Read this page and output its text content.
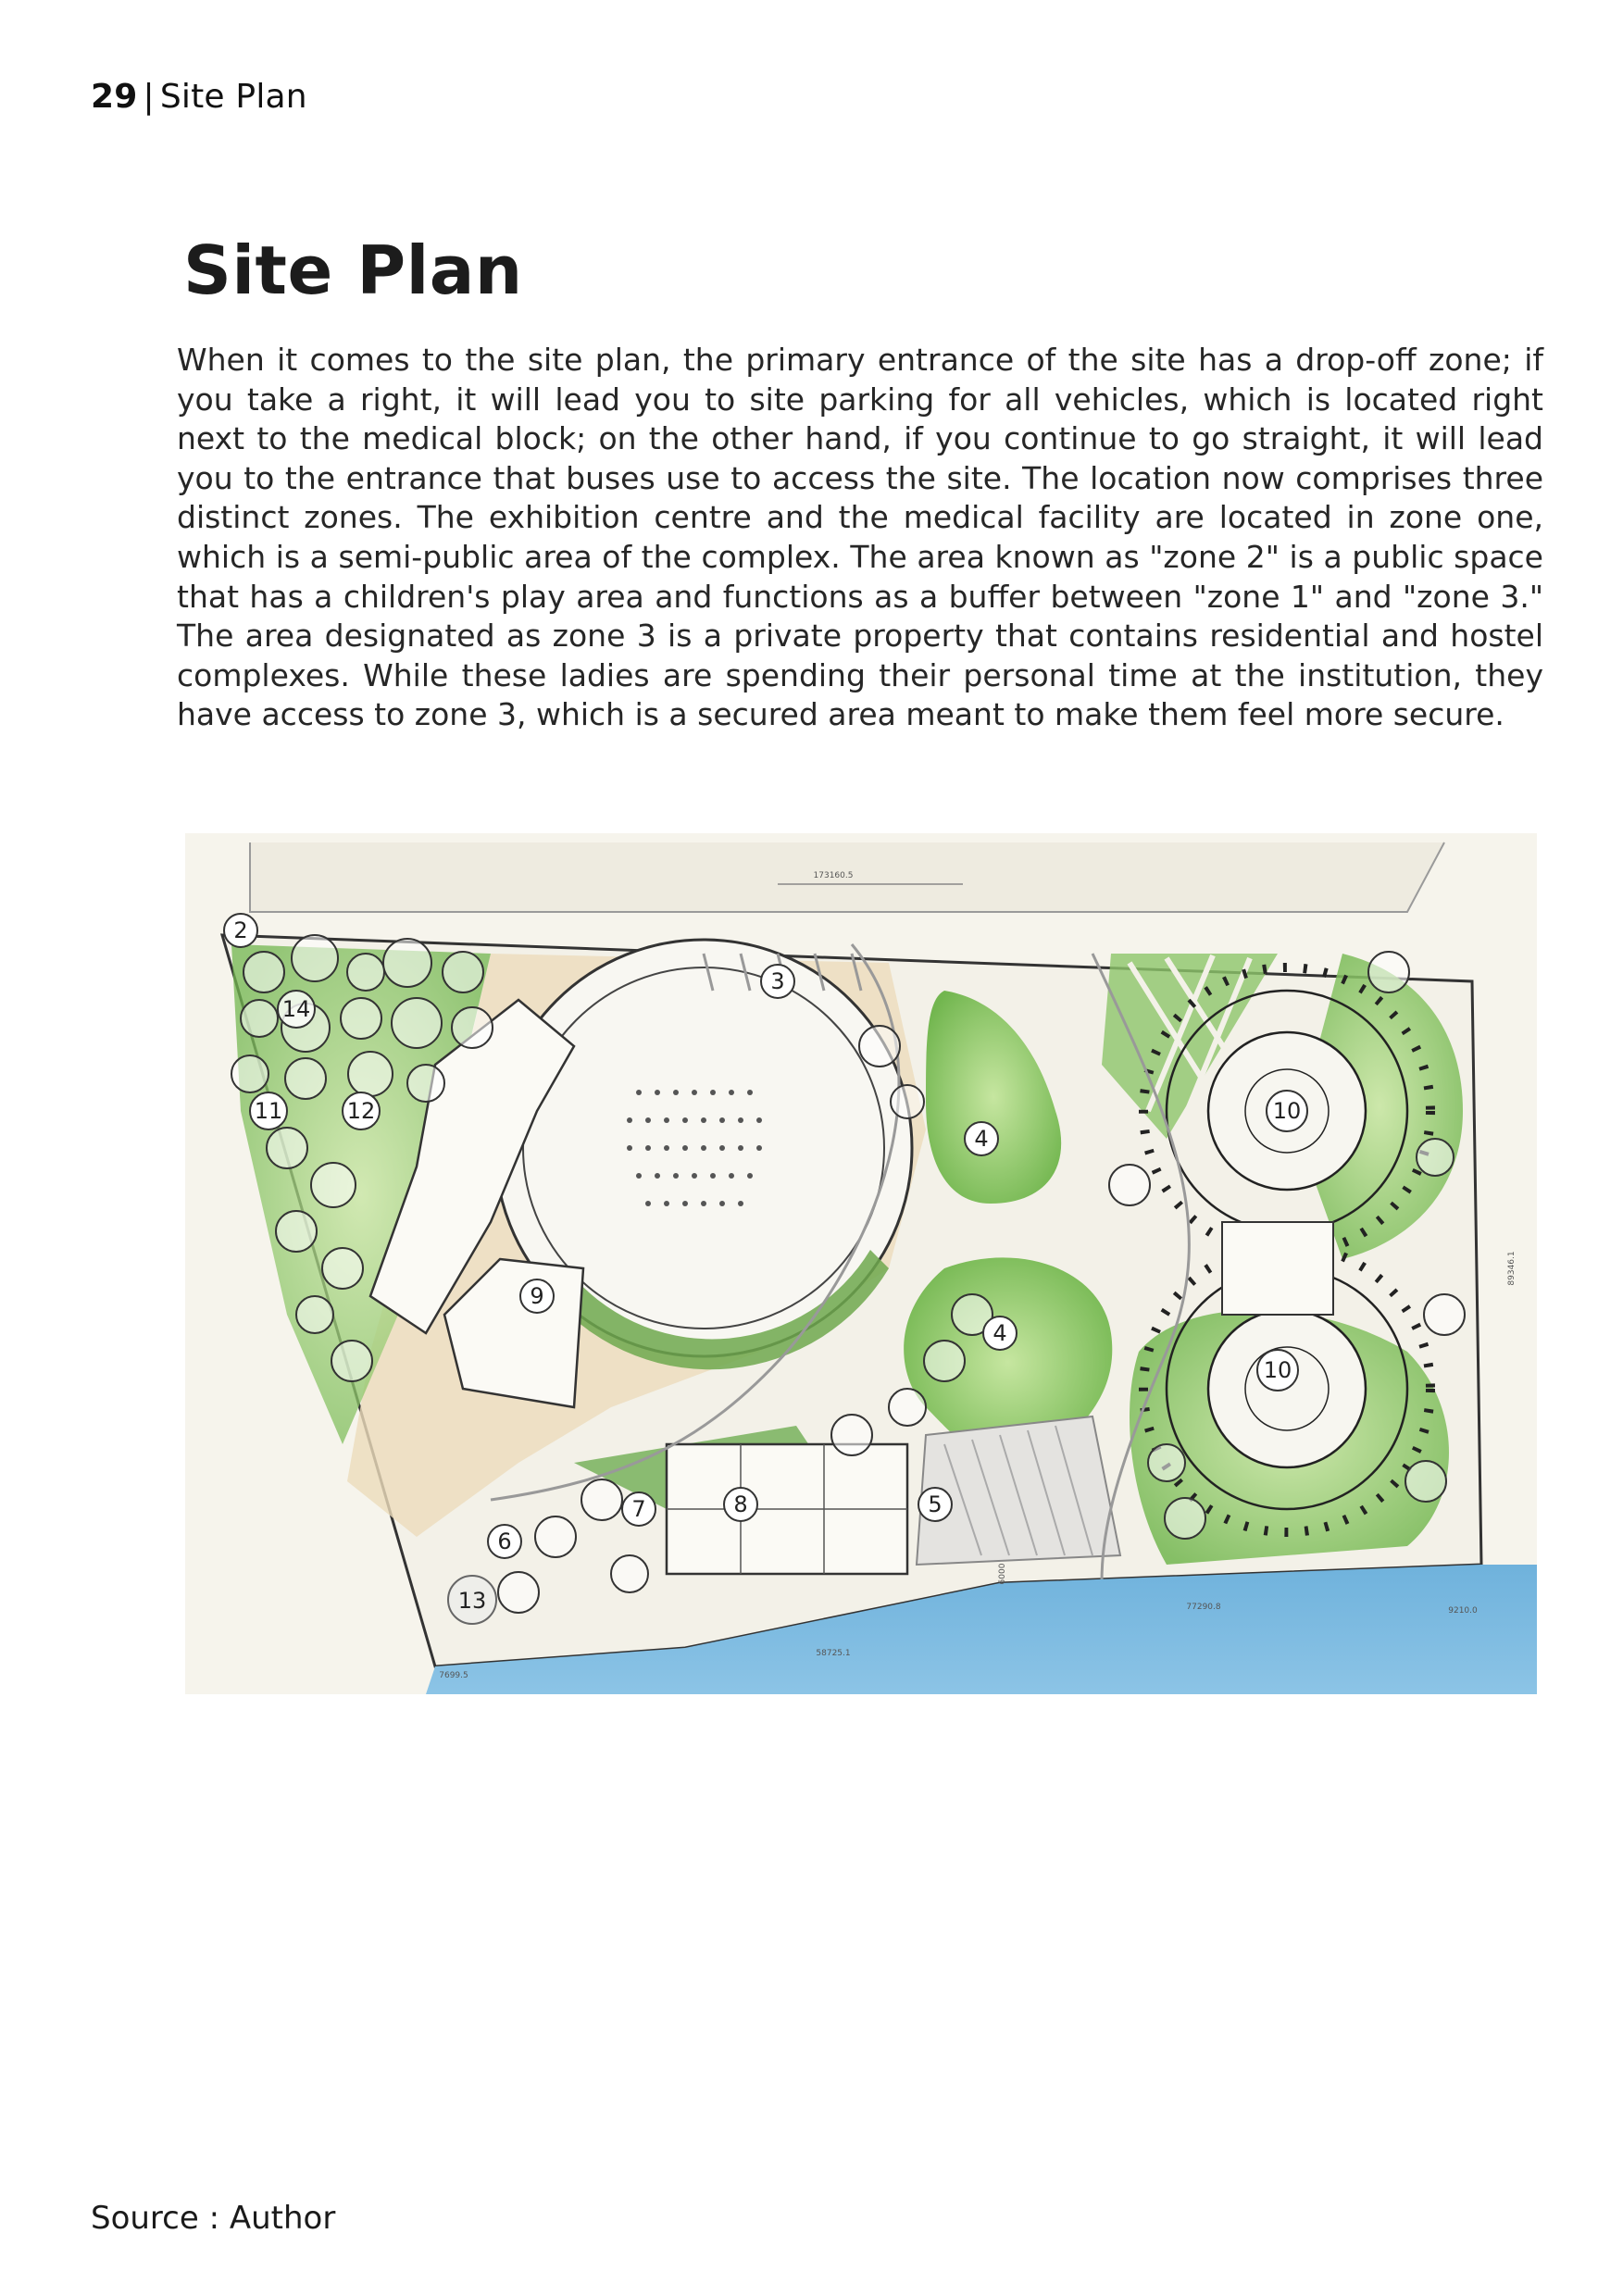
29 | Site Plan
Site Plan

When it comes to the site plan, the primary entrance of the site has a drop-off zone; if you take a right, it will lead you to site parking for all vehicles, which is located right next to the medical block; on the other hand, if you continue to go straight, it will lead you to the entrance that buses use to access the site. The location now comprises three distinct zones. The exhibition centre and the medical facility are located in zone one, which is a semi-public area of the complex. The area known as "zone 2" is a public space that has a children's play area and functions as a buffer between "zone 1" and "zone 3." The area designated as zone 3 is a private property that contains residential and hostel complexes. While these ladies are spending their personal time at the institution, they have access to zone 3, which is a secured area meant to make them feel more secure.

2
14
11	12
3
4
10
9
4
10
7	8	5
6
13
173160.5
89346.1
77290.8
58725.1
7699.5
9210.0
6000
Source : Author
